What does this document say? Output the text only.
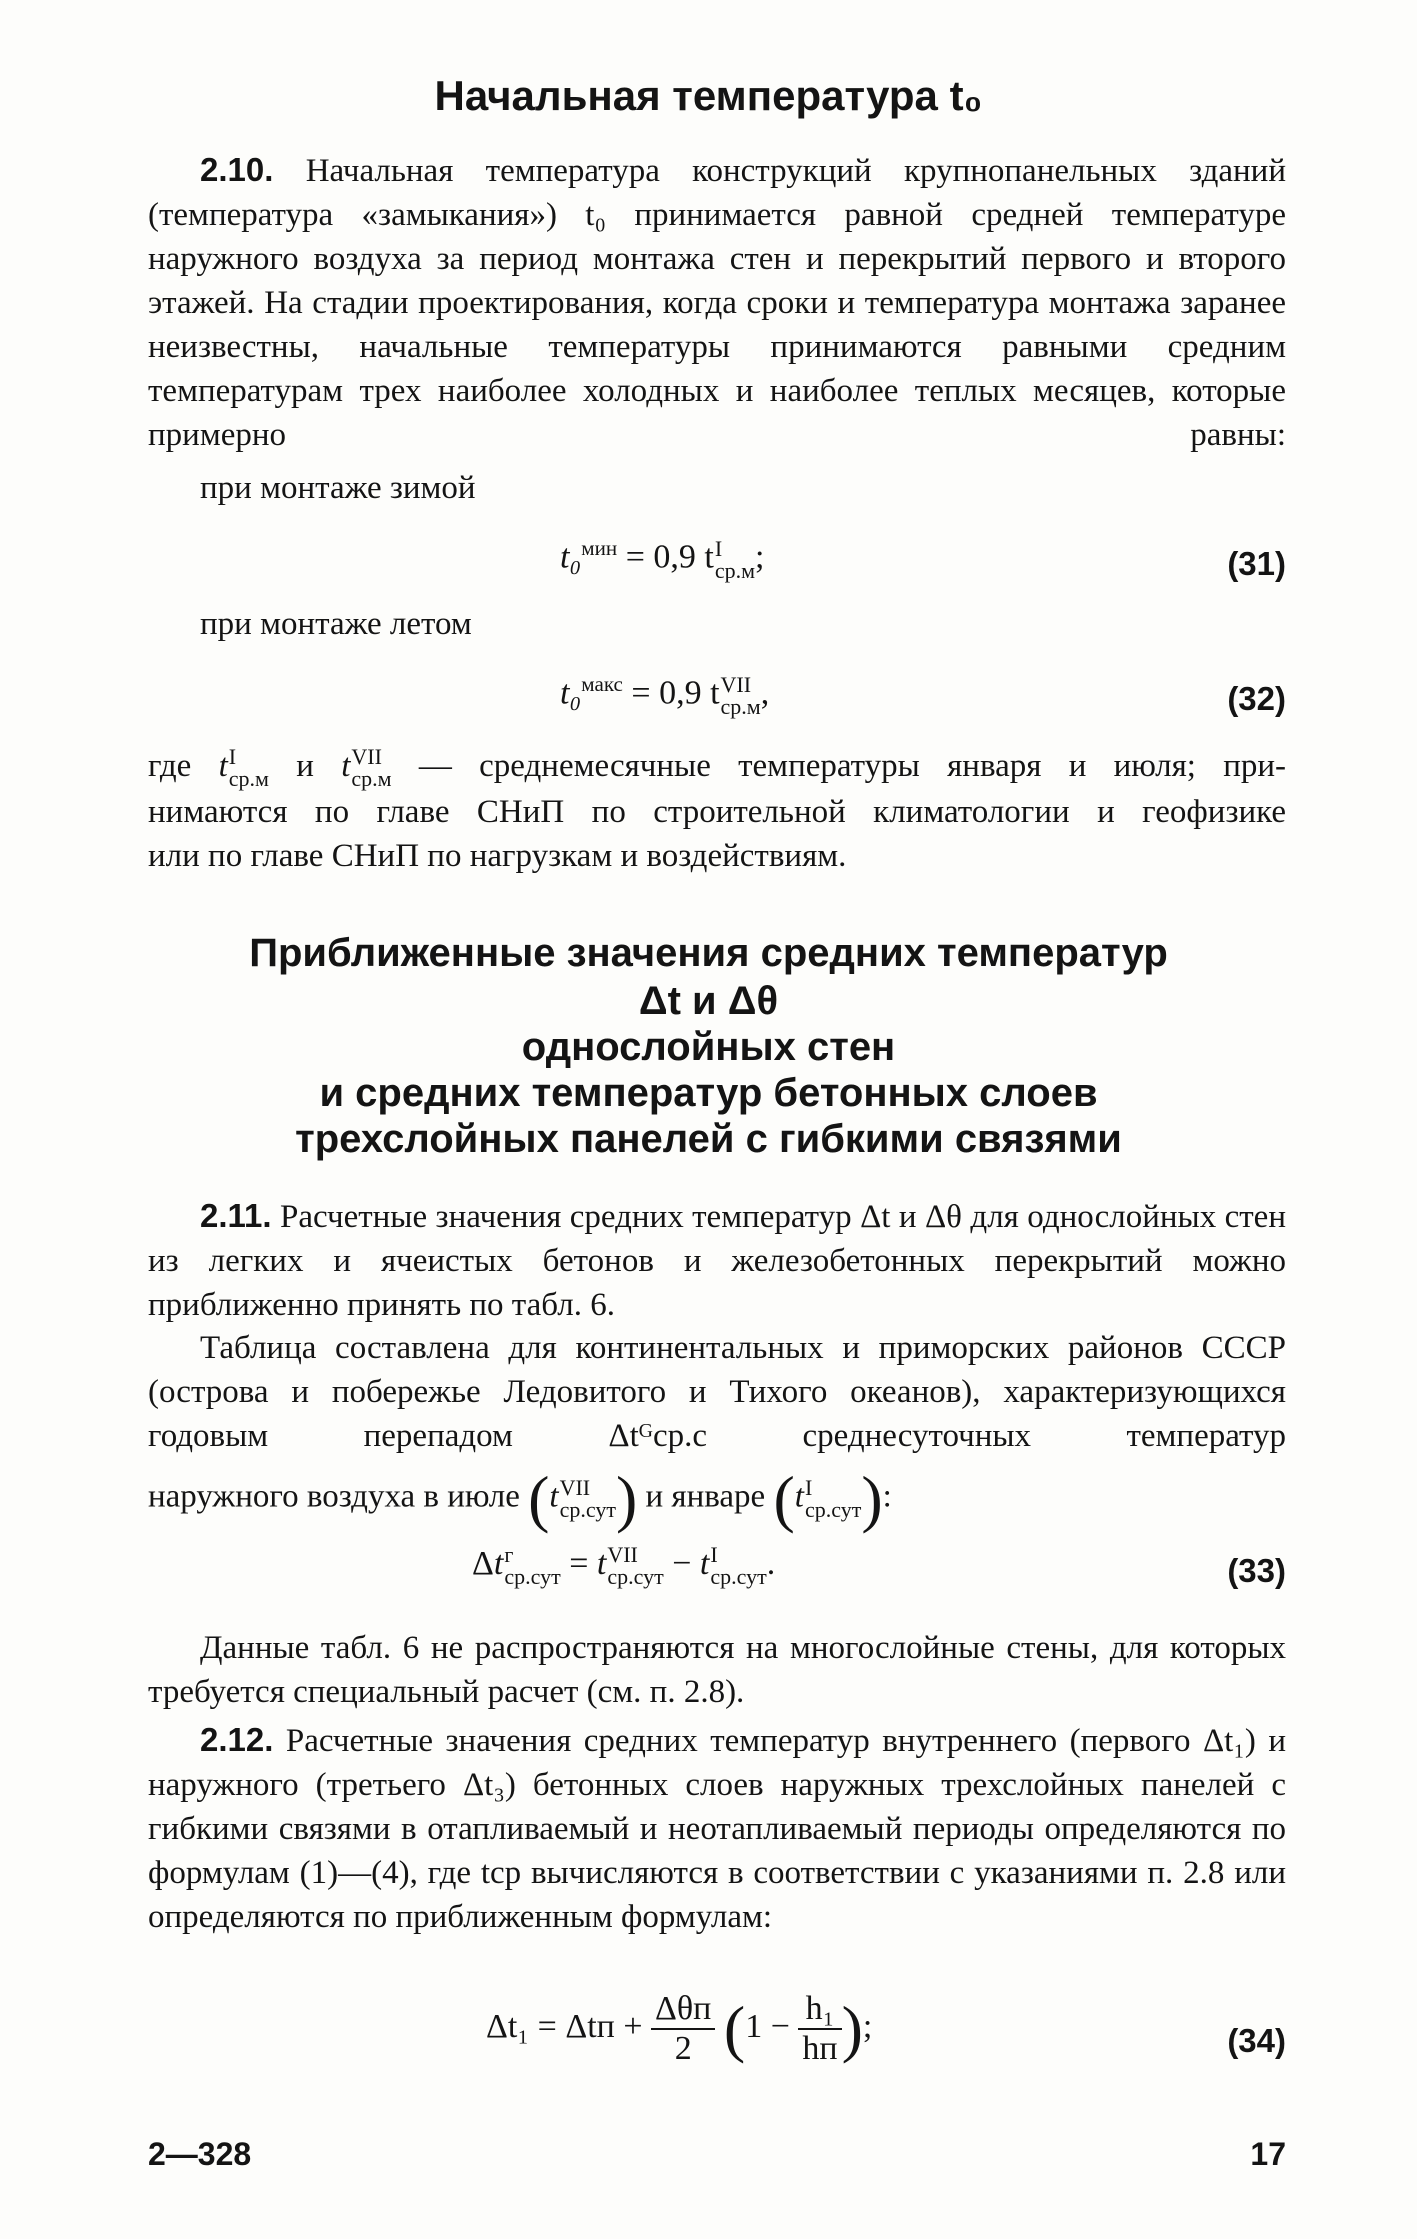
Начальная температура t₀
2.10. Начальная температура конструкций крупнопанельных зданий (температура «замыкания») t₀ принимается равной средней температуре наружного воздуха за период монтажа стен и перекрытий первого и второго этажей. На стадии проектирования, когда сроки и температура монтажа заранее неизвестны, начальные температуры принимаются равными средним температурам трех наиболее холодных и наиболее теплых месяцев, которые примерно равны:
при монтаже зимой
t₀$^{мин}$ = 0,9 t I
ср.м ;	(31)
при монтаже летом
t₀$^{макс}$ = 0,9 t VII
ср.м ,	(32)
где t I
ср.м и t VII
ср.м — среднемесячные температуры января и июля; при-
нимаются по главе СНиП по строительной климатологии и геофизике
или по главе СНиП по нагрузкам и воздействиям.
Приближенные значения средних температур
Δt и Δθ
однослойных стен
и средних температур бетонных слоев
трехслойных панелей с гибкими связями
2.11. Расчетные значения средних температур Δt и Δθ для однослойных стен из легких и ячеистых бетонов и железобетонных перекрытий можно приближенно принять по табл. 6.
Таблица составлена для континентальных и приморских районов СССР (острова и побережье Ледовитого и Тихого океанов), характеризующихся годовым перепадом Δtᴳср.с среднесуточных температур
наружного воздуха в июле (t VII
ср.сут ) и январе (t I
ср.сут ):
Δt г
ср.сут = t VII
ср.сут − t I
ср.сут .	(33)
Данные табл. 6 не распространяются на многослойные стены, для которых требуется специальный расчет (см. п. 2.8).
2.12. Расчетные значения средних температур внутреннего (первого Δt₁) и наружного (третьего Δt₃) бетонных слоев наружных трехслойных панелей с гибкими связями в отапливаемый и неотапливаемый периоды определяются по формулам (1)—(4), где tср вычисляются в соответствии с указаниями п. 2.8 или определяются по приближенным формулам:
$\Delta t_1 = \Delta tп + \frac{\text{Δθп}}{2} (1 - \frac{\text{h₁}}{hп}$ );	(34)
2—328	17
